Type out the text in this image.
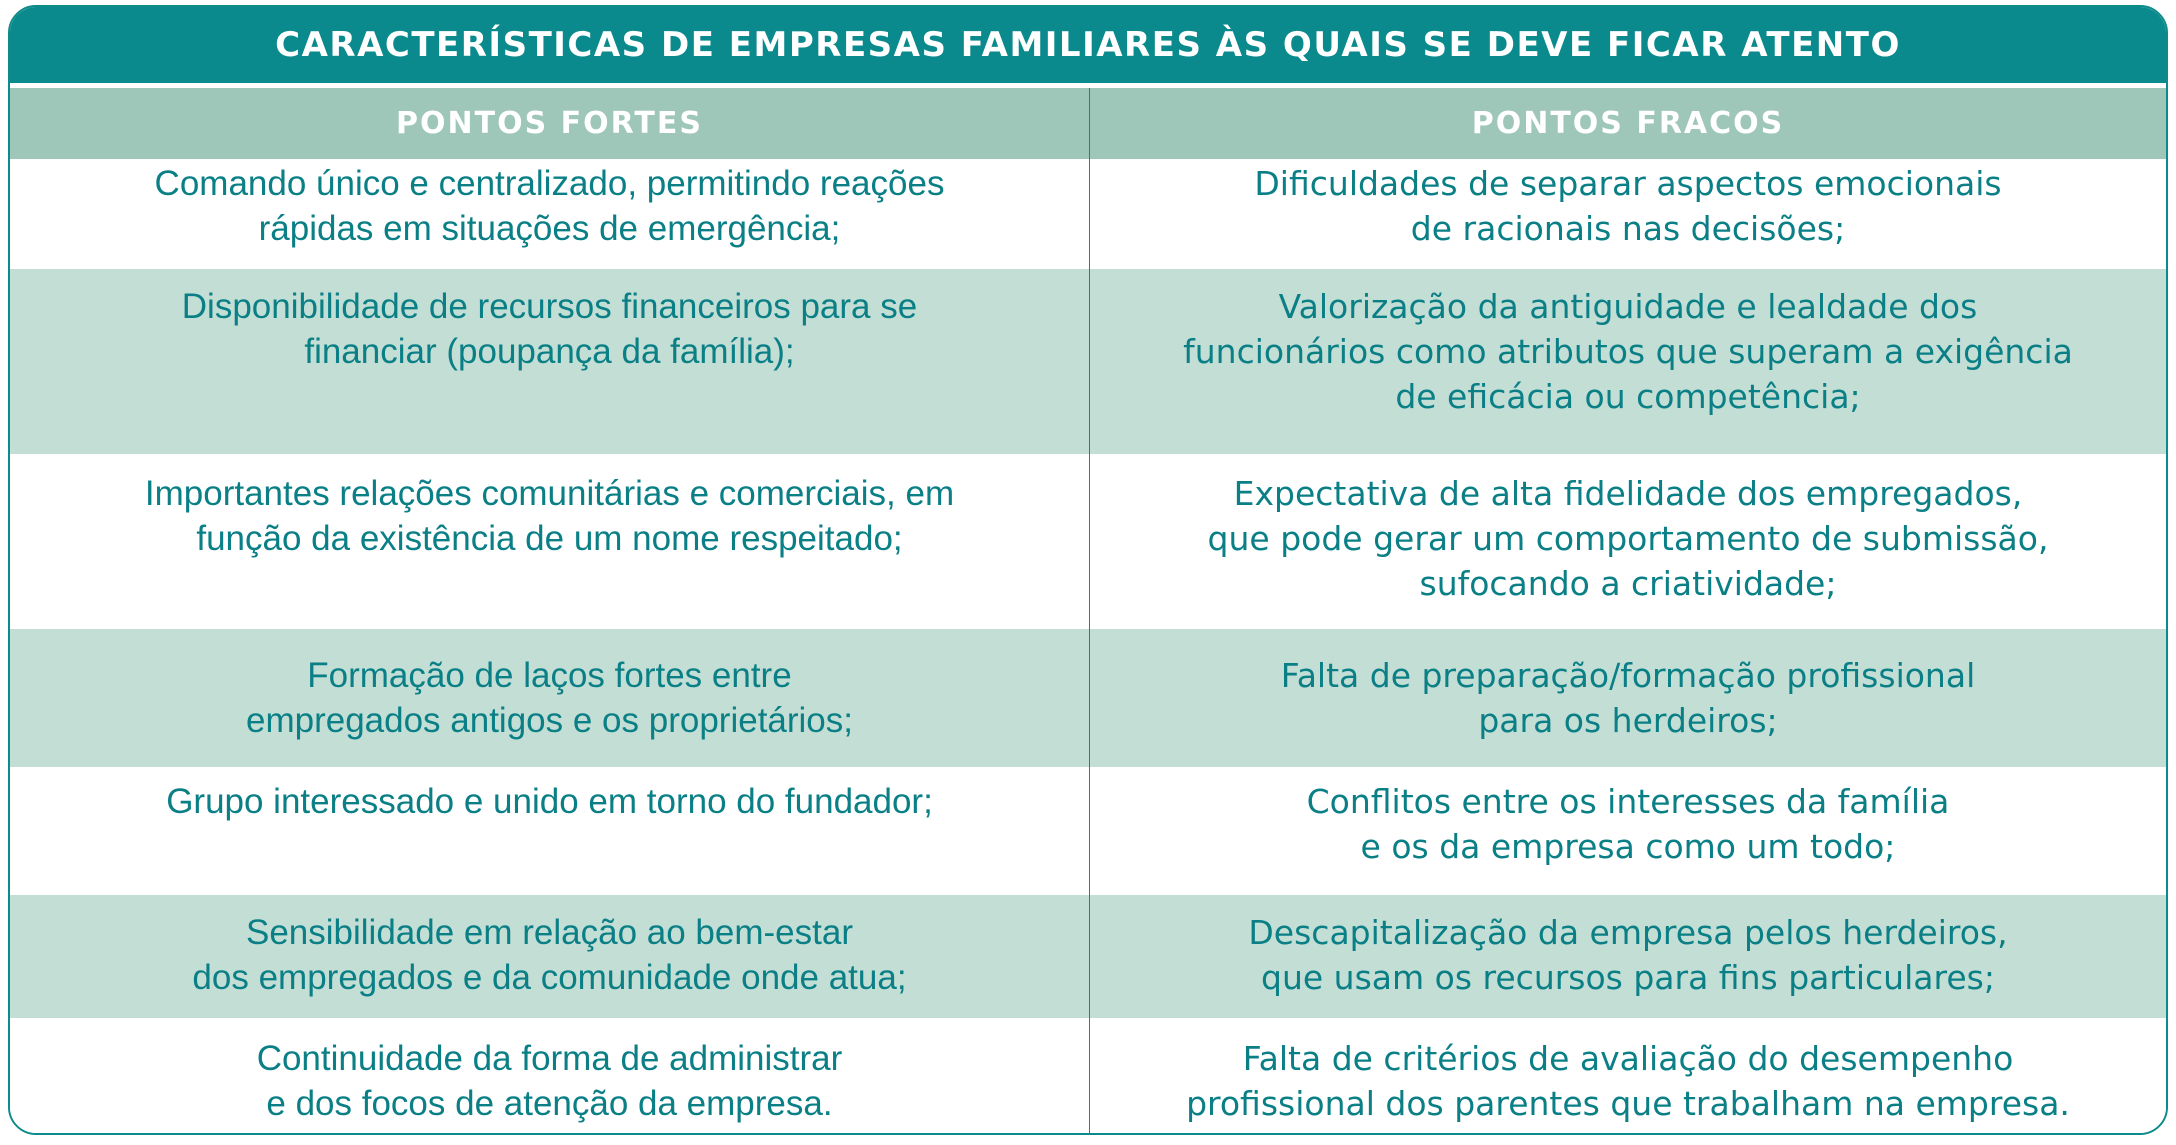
CARACTERÍSTICAS DE EMPRESAS FAMILIARES ÀS QUAIS SE DEVE FICAR ATENTO
PONTOS FORTES	PONTOS FRACOS
Comando único e centralizado, permitindo reações
rápidas em situações de emergência;
Dificuldades de separar aspectos emocionais
de racionais nas decisões;
Disponibilidade de recursos financeiros para se
financiar (poupança da família);
Valorização da antiguidade e lealdade dos
funcionários como atributos que superam a exigência
de eficácia ou competência;
Importantes relações comunitárias e comerciais, em
função da existência de um nome respeitado;
Expectativa de alta fidelidade dos empregados,
que pode gerar um comportamento de submissão,
sufocando a criatividade;
Formação de laços fortes entre
empregados antigos e os proprietários;
Falta de preparação/formação profissional
para os herdeiros;
Grupo interessado e unido em torno do fundador;	Conflitos entre os interesses da família
e os da empresa como um todo;
Sensibilidade em relação ao bem-estar
dos empregados e da comunidade onde atua;
Descapitalização da empresa pelos herdeiros,
que usam os recursos para fins particulares;
Continuidade da forma de administrar
e dos focos de atenção da empresa.
Falta de critérios de avaliação do desempenho
profissional dos parentes que trabalham na empresa.
